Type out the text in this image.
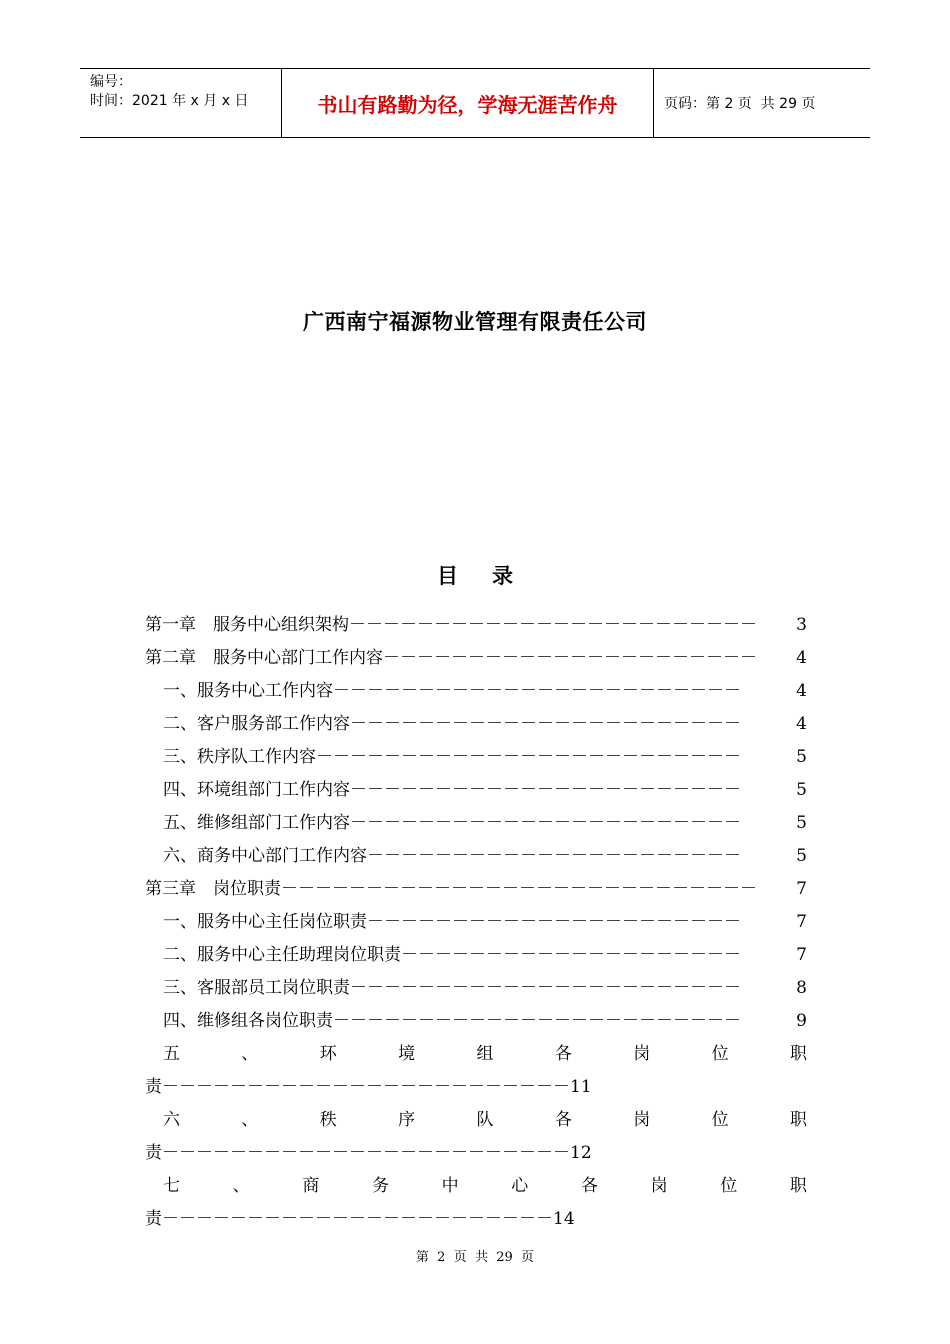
编号：
时间：2021 年 x 月 x 日	书山有路勤为径，学海无涯苦作舟	页码：第 2 页  共 29 页
广西南宁福源物业管理有限责任公司
目 录
第一章　服务中心组织架构－－－－－－－－－－－－－－－－－－－－－－－－ 3
第二章　服务中心部门工作内容－－－－－－－－－－－－－－－－－－－－－－ 4
一、服务中心工作内容－－－－－－－－－－－－－－－－－－－－－－－－	4
二、客户服务部工作内容－－－－－－－－－－－－－－－－－－－－－－－	4
三、秩序队工作内容－－－－－－－－－－－－－－－－－－－－－－－－－	5
四、环境组部门工作内容－－－－－－－－－－－－－－－－－－－－－－－	5
五、维修组部门工作内容－－－－－－－－－－－－－－－－－－－－－－－	5
六、商务中心部门工作内容－－－－－－－－－－－－－－－－－－－－－－	5
第三章　岗位职责－－－－－－－－－－－－－－－－－－－－－－－－－－－－ 7
一、服务中心主任岗位职责－－－－－－－－－－－－－－－－－－－－－－	7
二、服务中心主任助理岗位职责－－－－－－－－－－－－－－－－－－－－	7
三、客服部员工岗位职责－－－－－－－－－－－－－－－－－－－－－－－	8
四、维修组各岗位职责－－－－－－－－－－－－－－－－－－－－－－－－	9
五	、	环	境	组	各	岗	位	职
责－－－－－－－－－－－－－－－－－－－－－－－－11
六	、	秩	序	队	各	岗	位	职
责－－－－－－－－－－－－－－－－－－－－－－－－12
七	、	商	务	中	心	各	岗	位	职
责－－－－－－－－－－－－－－－－－－－－－－－14
第  2  页  共  29  页
